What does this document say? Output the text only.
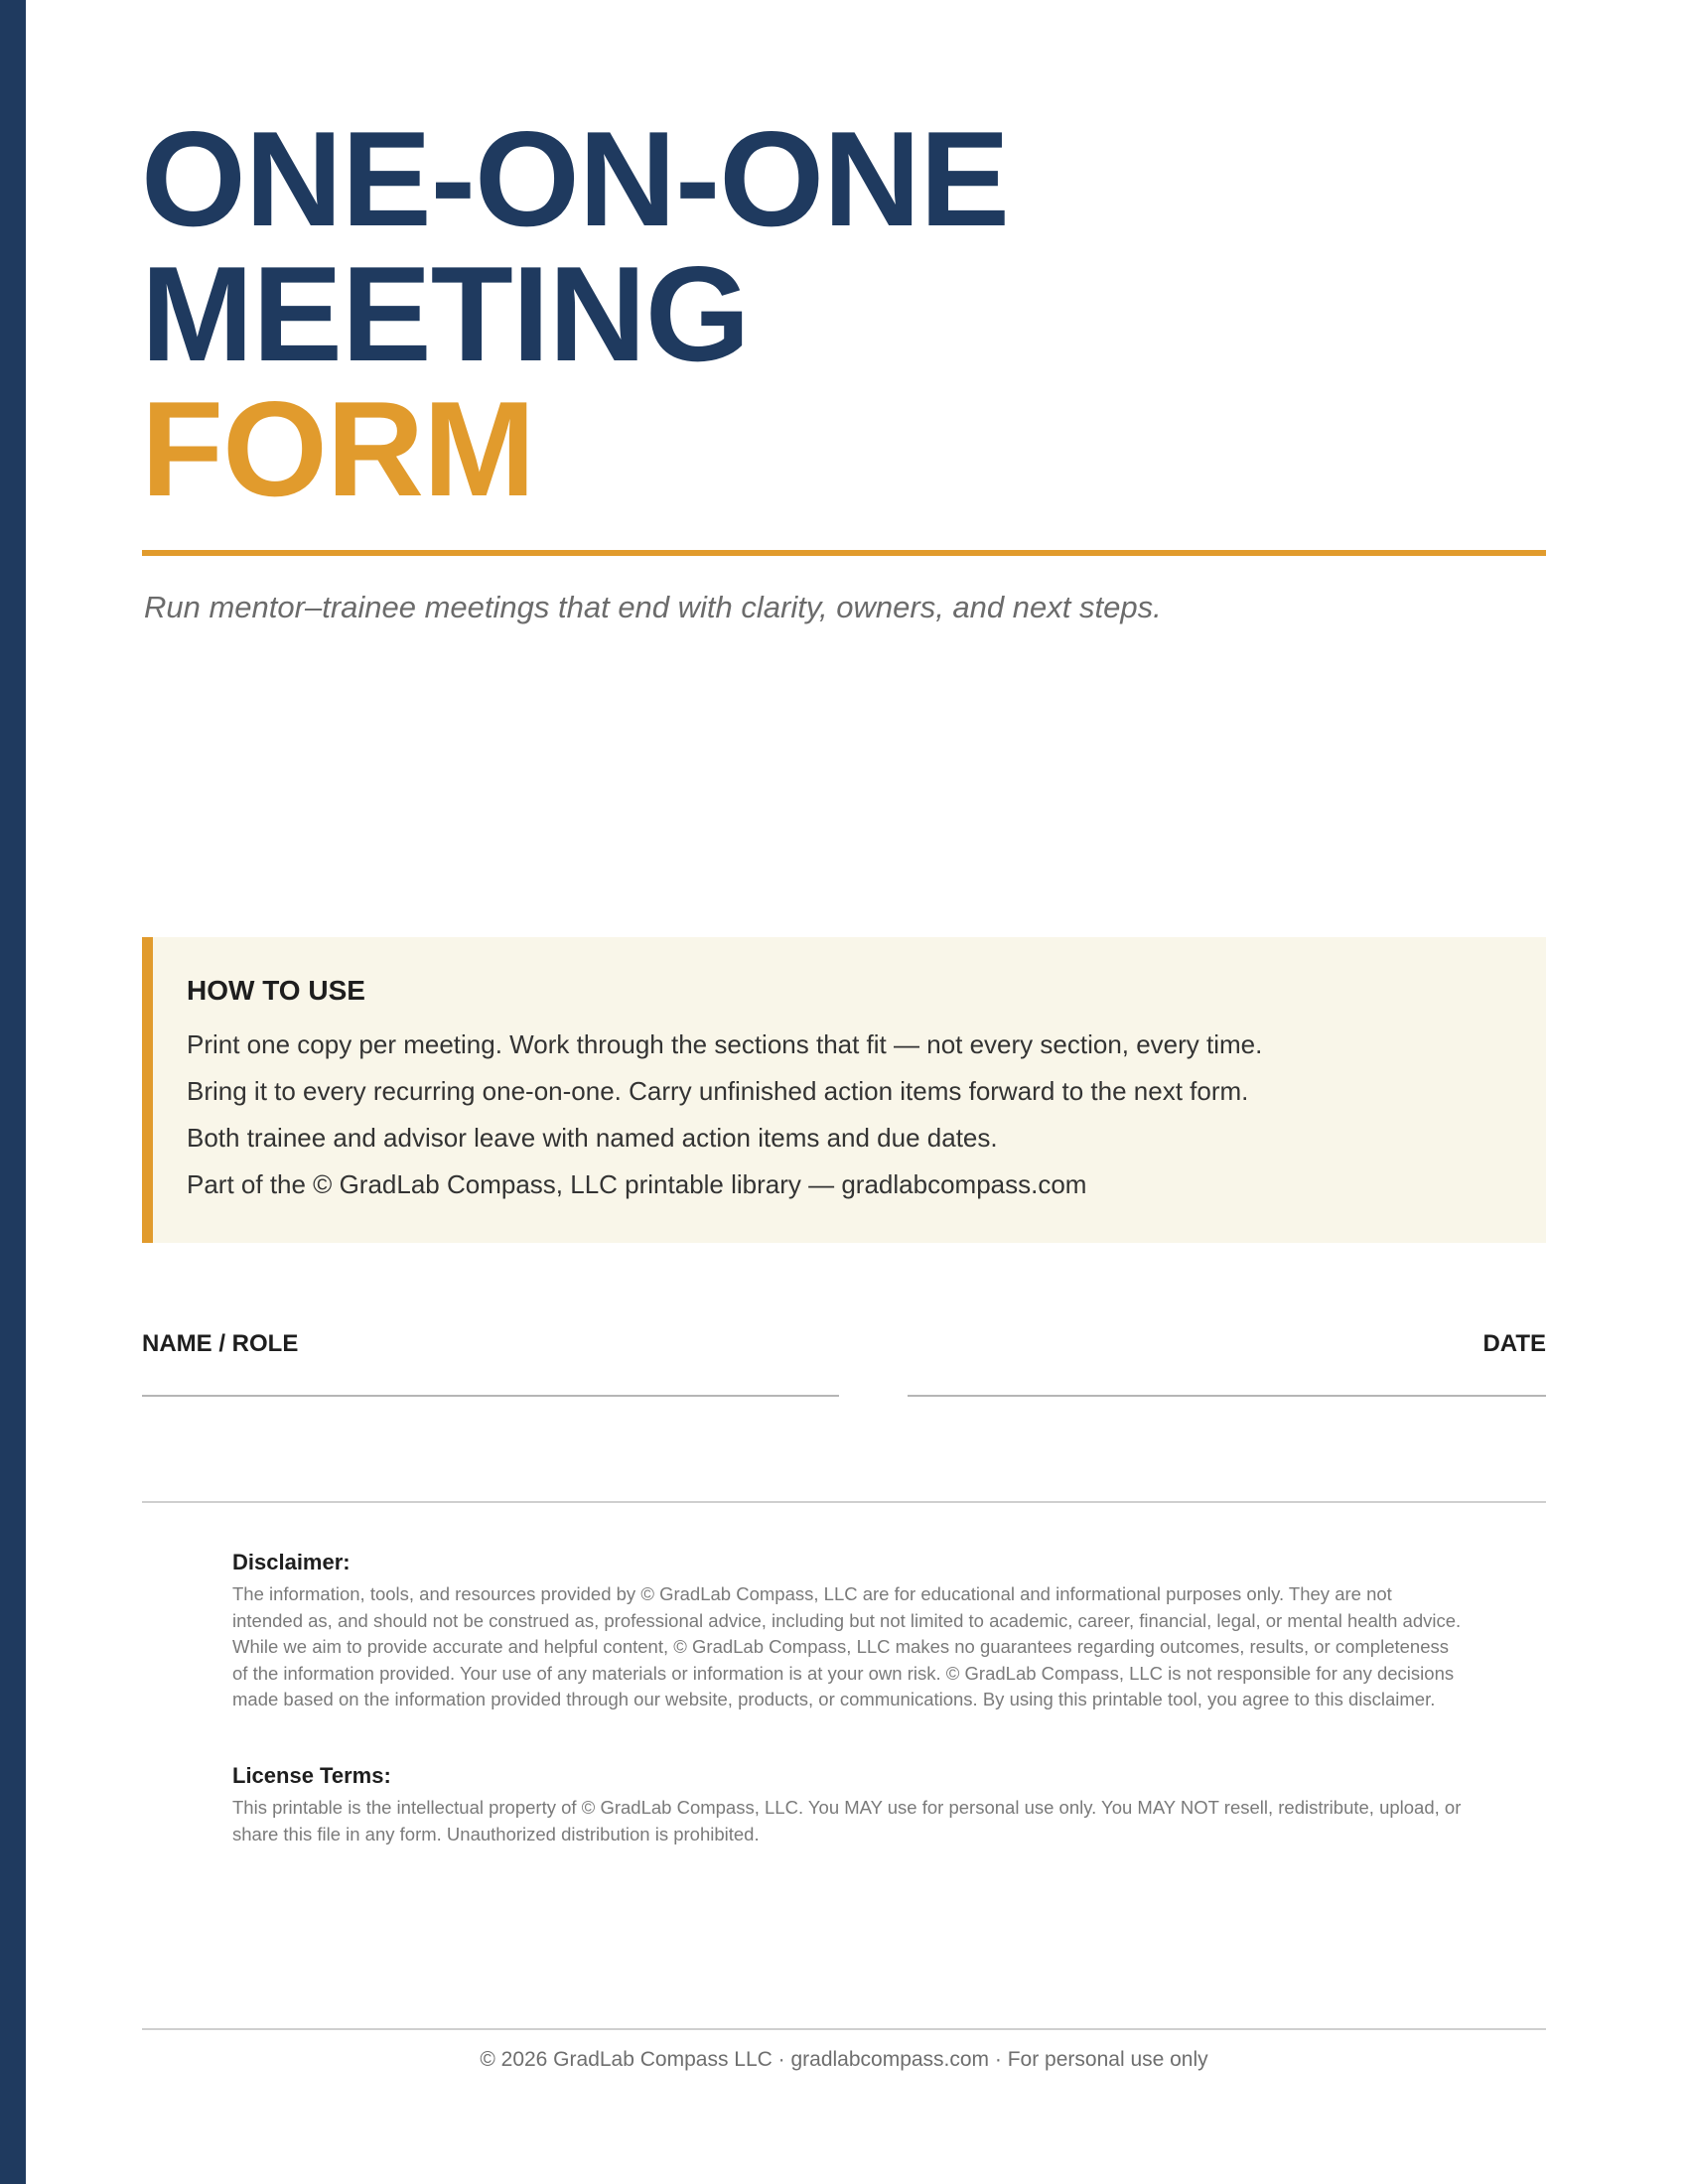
ONE-ON-ONE
MEETING
FORM

Run mentor–trainee meetings that end with clarity, owners, and next steps.

HOW TO USE

Print one copy per meeting. Work through the sections that fit — not every section, every time.

Bring it to every recurring one-on-one. Carry unfinished action items forward to the next form.

Both trainee and advisor leave with named action items and due dates.

Part of the © GradLab Compass, LLC printable library — gradlabcompass.com

NAME / ROLE	DATE
Disclaimer:

The information, tools, and resources provided by © GradLab Compass, LLC are for educational and informational purposes only. They are not intended as, and should not be construed as, professional advice, including but not limited to academic, career, financial, legal, or mental health advice. While we aim to provide accurate and helpful content, © GradLab Compass, LLC makes no guarantees regarding outcomes, results, or completeness of the information provided. Your use of any materials or information is at your own risk. © GradLab Compass, LLC is not responsible for any decisions made based on the information provided through our website, products, or communications. By using this printable tool, you agree to this disclaimer.

License Terms:

This printable is the intellectual property of © GradLab Compass, LLC. You MAY use for personal use only. You MAY NOT resell, redistribute, upload, or share this file in any form. Unauthorized distribution is prohibited.

© 2026 GradLab Compass LLC · gradlabcompass.com · For personal use only
